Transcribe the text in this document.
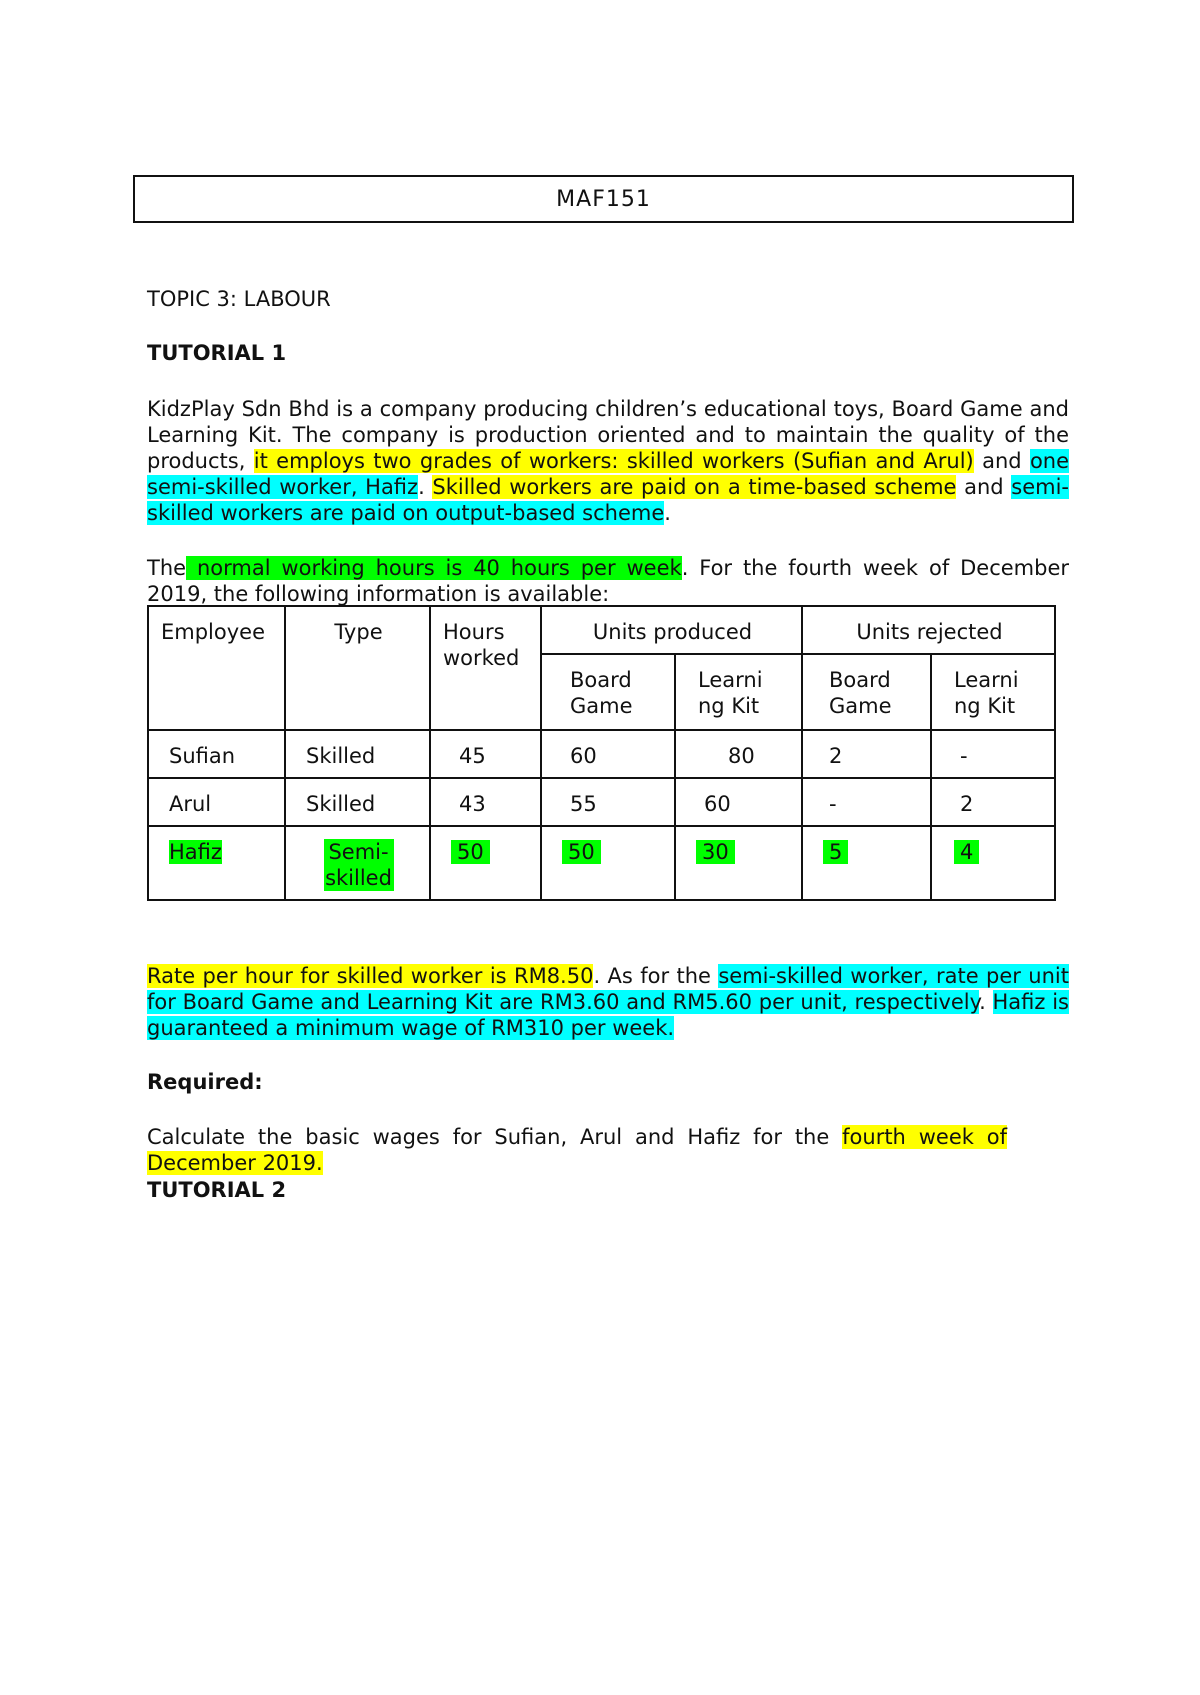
MAF151
TOPIC 3: LABOUR
TUTORIAL 1
KidzPlay Sdn Bhd is a company producing children’s educational toys, Board Game and Learning Kit. The company is production oriented and to maintain the quality of the products, it employs two grades of workers: skilled workers (Sufian and Arul) and one semi-skilled worker, Hafiz. Skilled workers are paid on a time-based scheme and semi-skilled workers are paid on output-based scheme.
The normal working hours is 40 hours per week. For the fourth week of December 2019, the following information is available:
Employee	Type	Hours worked	Units produced		Units rejected	
			Board Game	Learni ng Kit	Board Game	Learni ng Kit
Sufian	Skilled	45	60	80	2	-
Arul	Skilled	43	55	60	-	2
Hafiz	Semi-skilled	50	50	30	5	4
Rate per hour for skilled worker is RM8.50. As for the semi-skilled worker, rate per unit for Board Game and Learning Kit are RM3.60 and RM5.60 per unit, respectively. Hafiz is guaranteed a minimum wage of RM310 per week.
Required:
Calculate the basic wages for Sufian, Arul and Hafiz for the fourth week of December 2019.
TUTORIAL 2
